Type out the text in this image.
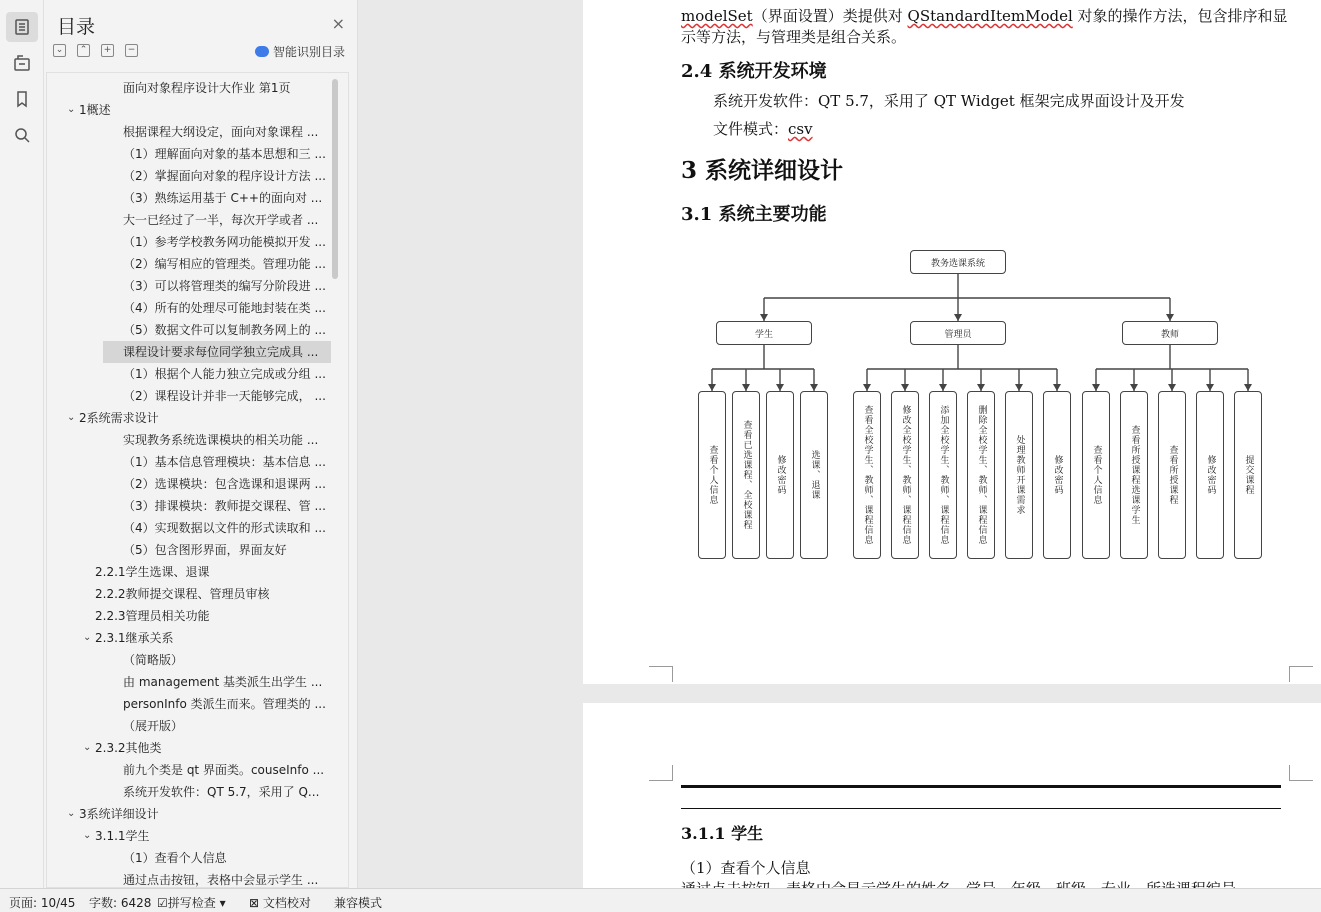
目录	×
⌄	⌃	+	−	智能识别目录
面向对象程序设计大作业 第1页
⌄ 1概述
根据课程大纲设定，面向对象课程 ...
（1）理解面向对象的基本思想和三 ...
（2）掌握面向对象的程序设计方法 ...
（3）熟练运用基于 C++的面向对 ...
大一已经过了一半，每次开学或者 ...
（1）参考学校教务网功能模拟开发 ...
（2）编写相应的管理类。管理功能 ...
（3）可以将管理类的编写分阶段进 ...
（4）所有的处理尽可能地封装在类 ...
（5）数据文件可以复制教务网上的 ...
课程设计要求每位同学独立完成具 ...
（1）根据个人能力独立完成或分组 ...
（2）课程设计并非一天能够完成， ...
⌄ 2系统需求设计
实现教务系统选课模块的相关功能 ...
（1）基本信息管理模块：基本信息 ...
（2）选课模块：包含选课和退课两 ...
（3）排课模块：教师提交课程、管 ...
（4）实现数据以文件的形式读取和 ...
（5）包含图形界面，界面友好
2.2.1学生选课、退课
2.2.2教师提交课程、管理员审核
2.2.3管理员相关功能
⌄ 2.3.1继承关系
（简略版）
由 management 基类派生出学生 ...
personInfo 类派生而来。管理类的 ...
（展开版）
⌄ 2.3.2其他类
前九个类是 qt 界面类。couseInfo ...
系统开发软件：QT 5.7，采用了 Q...
⌄ 3系统详细设计
⌄ 3.1.1学生
（1）查看个人信息
通过点击按钮，表格中会显示学生 ...
modelSet（界面设置）类提供对 QStandardItemModel 对象的操作方法，包含排序和显
示等方法，与管理类是组合关系。
2.4 系统开发环境
系统开发软件：QT 5.7，采用了 QT Widget 框架完成界面设计及开发
文件模式：csv
3 系统详细设计
3.1 系统主要功能
教务选课系统
学生	管理员	教师
查看个人信息	查看已选课程、全校课程	修改密码	选课、退课	查看全校学生、教师、课程信息	修改全校学生、教师、课程信息	添加全校学生、教师、课程信息	删除全校学生、教师、课程信息	处理教师开课需求	修改密码	查看个人信息	查看所授课程选课学生	查看所授课程	修改密码	提交课程
3.1.1 学生
（1）查看个人信息
页面: 10/45 字数: 6428 ☑拼写检查 ▾ ⊠ 文档校对 兼容模式
